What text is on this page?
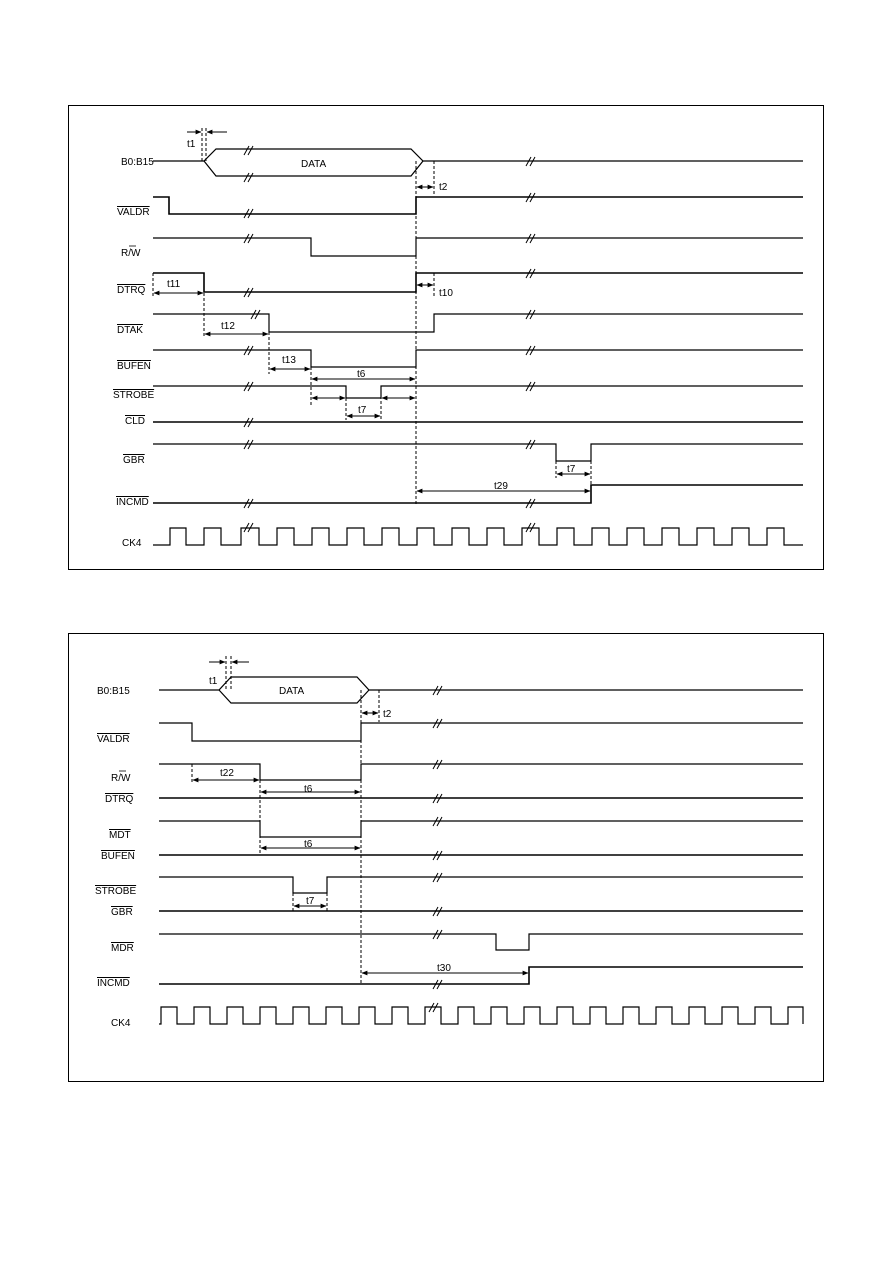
B0:B15
VALDR
R/W
DTRQ
DTAK
BUFEN
STROBE
CLD
GBR
INCMD
CK4
DATA
t1
t2
t11
t10
t12
t13
t6
t7
t7
t29
B0:B15
VALDR
R/W
DTRQ
MDT
BUFEN
STROBE
GBR
MDR
INCMD
CK4
DATA
t1
t2
t22
t6
t6
t7
t30
